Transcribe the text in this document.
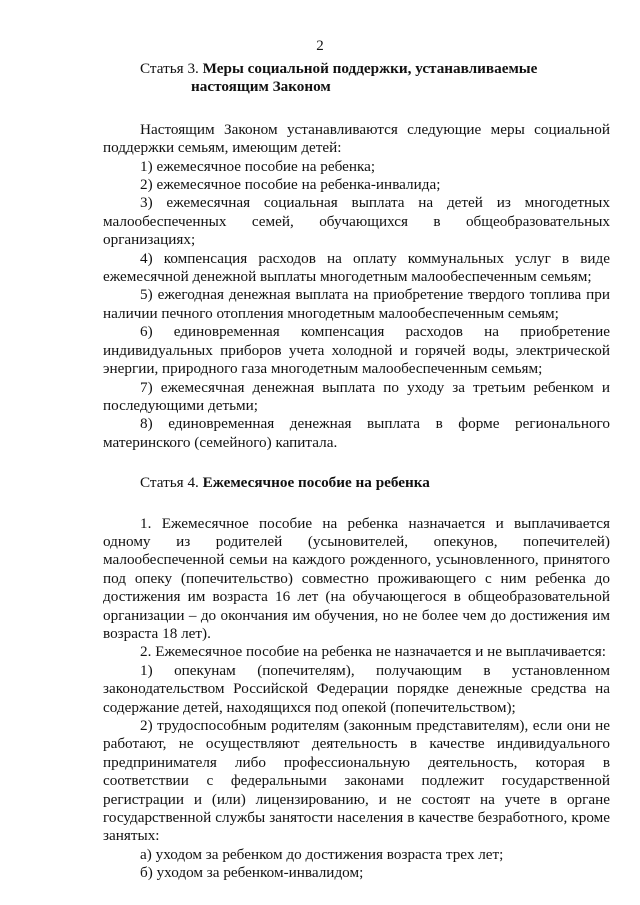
2
Статья 3. Меры социальной поддержки, устанавливаемые
настоящим Законом

Настоящим Законом устанавливаются следующие меры социальной поддержки семьям, имеющим детей:

1) ежемесячное пособие на ребенка;

2) ежемесячное пособие на ребенка-инвалида;

3) ежемесячная социальная выплата на детей из многодетных малообеспеченных семей, обучающихся в общеобразовательных организациях;

4) компенсация расходов на оплату коммунальных услуг в виде ежемесячной денежной выплаты многодетным малообеспеченным семьям;

5) ежегодная денежная выплата на приобретение твердого топлива при наличии печного отопления многодетным малообеспеченным семьям;

6) единовременная компенсация расходов на приобретение индивидуальных приборов учета холодной и горячей воды, электрической энергии, природного газа многодетным малообеспеченным семьям;

7) ежемесячная денежная выплата по уходу за третьим ребенком и последующими детьми;

8) единовременная денежная выплата в форме регионального материнского (семейного) капитала.

Статья 4. Ежемесячное пособие на ребенка

1. Ежемесячное пособие на ребенка назначается и выплачивается одному из родителей (усыновителей, опекунов, попечителей) малообеспеченной семьи на каждого рожденного, усыновленного, принятого под опеку (попечительство) совместно проживающего с ним ребенка до достижения им возраста 16 лет (на обучающегося в общеобразовательной организации – до окончания им обучения, но не более чем до достижения им возраста 18 лет).

2. Ежемесячное пособие на ребенка не назначается и не выплачивается:

1) опекунам (попечителям), получающим в установленном законодательством Российской Федерации порядке денежные средства на содержание детей, находящихся под опекой (попечительством);

2) трудоспособным родителям (законным представителям), если они не работают, не осуществляют деятельность в качестве индивидуального предпринимателя либо профессиональную деятельность, которая в соответствии с федеральными законами подлежит государственной регистрации и (или) лицензированию, и не состоят на учете в органе государственной службы занятости населения в качестве безработного, кроме занятых:

а) уходом за ребенком до достижения возраста трех лет;

б) уходом за ребенком-инвалидом;
